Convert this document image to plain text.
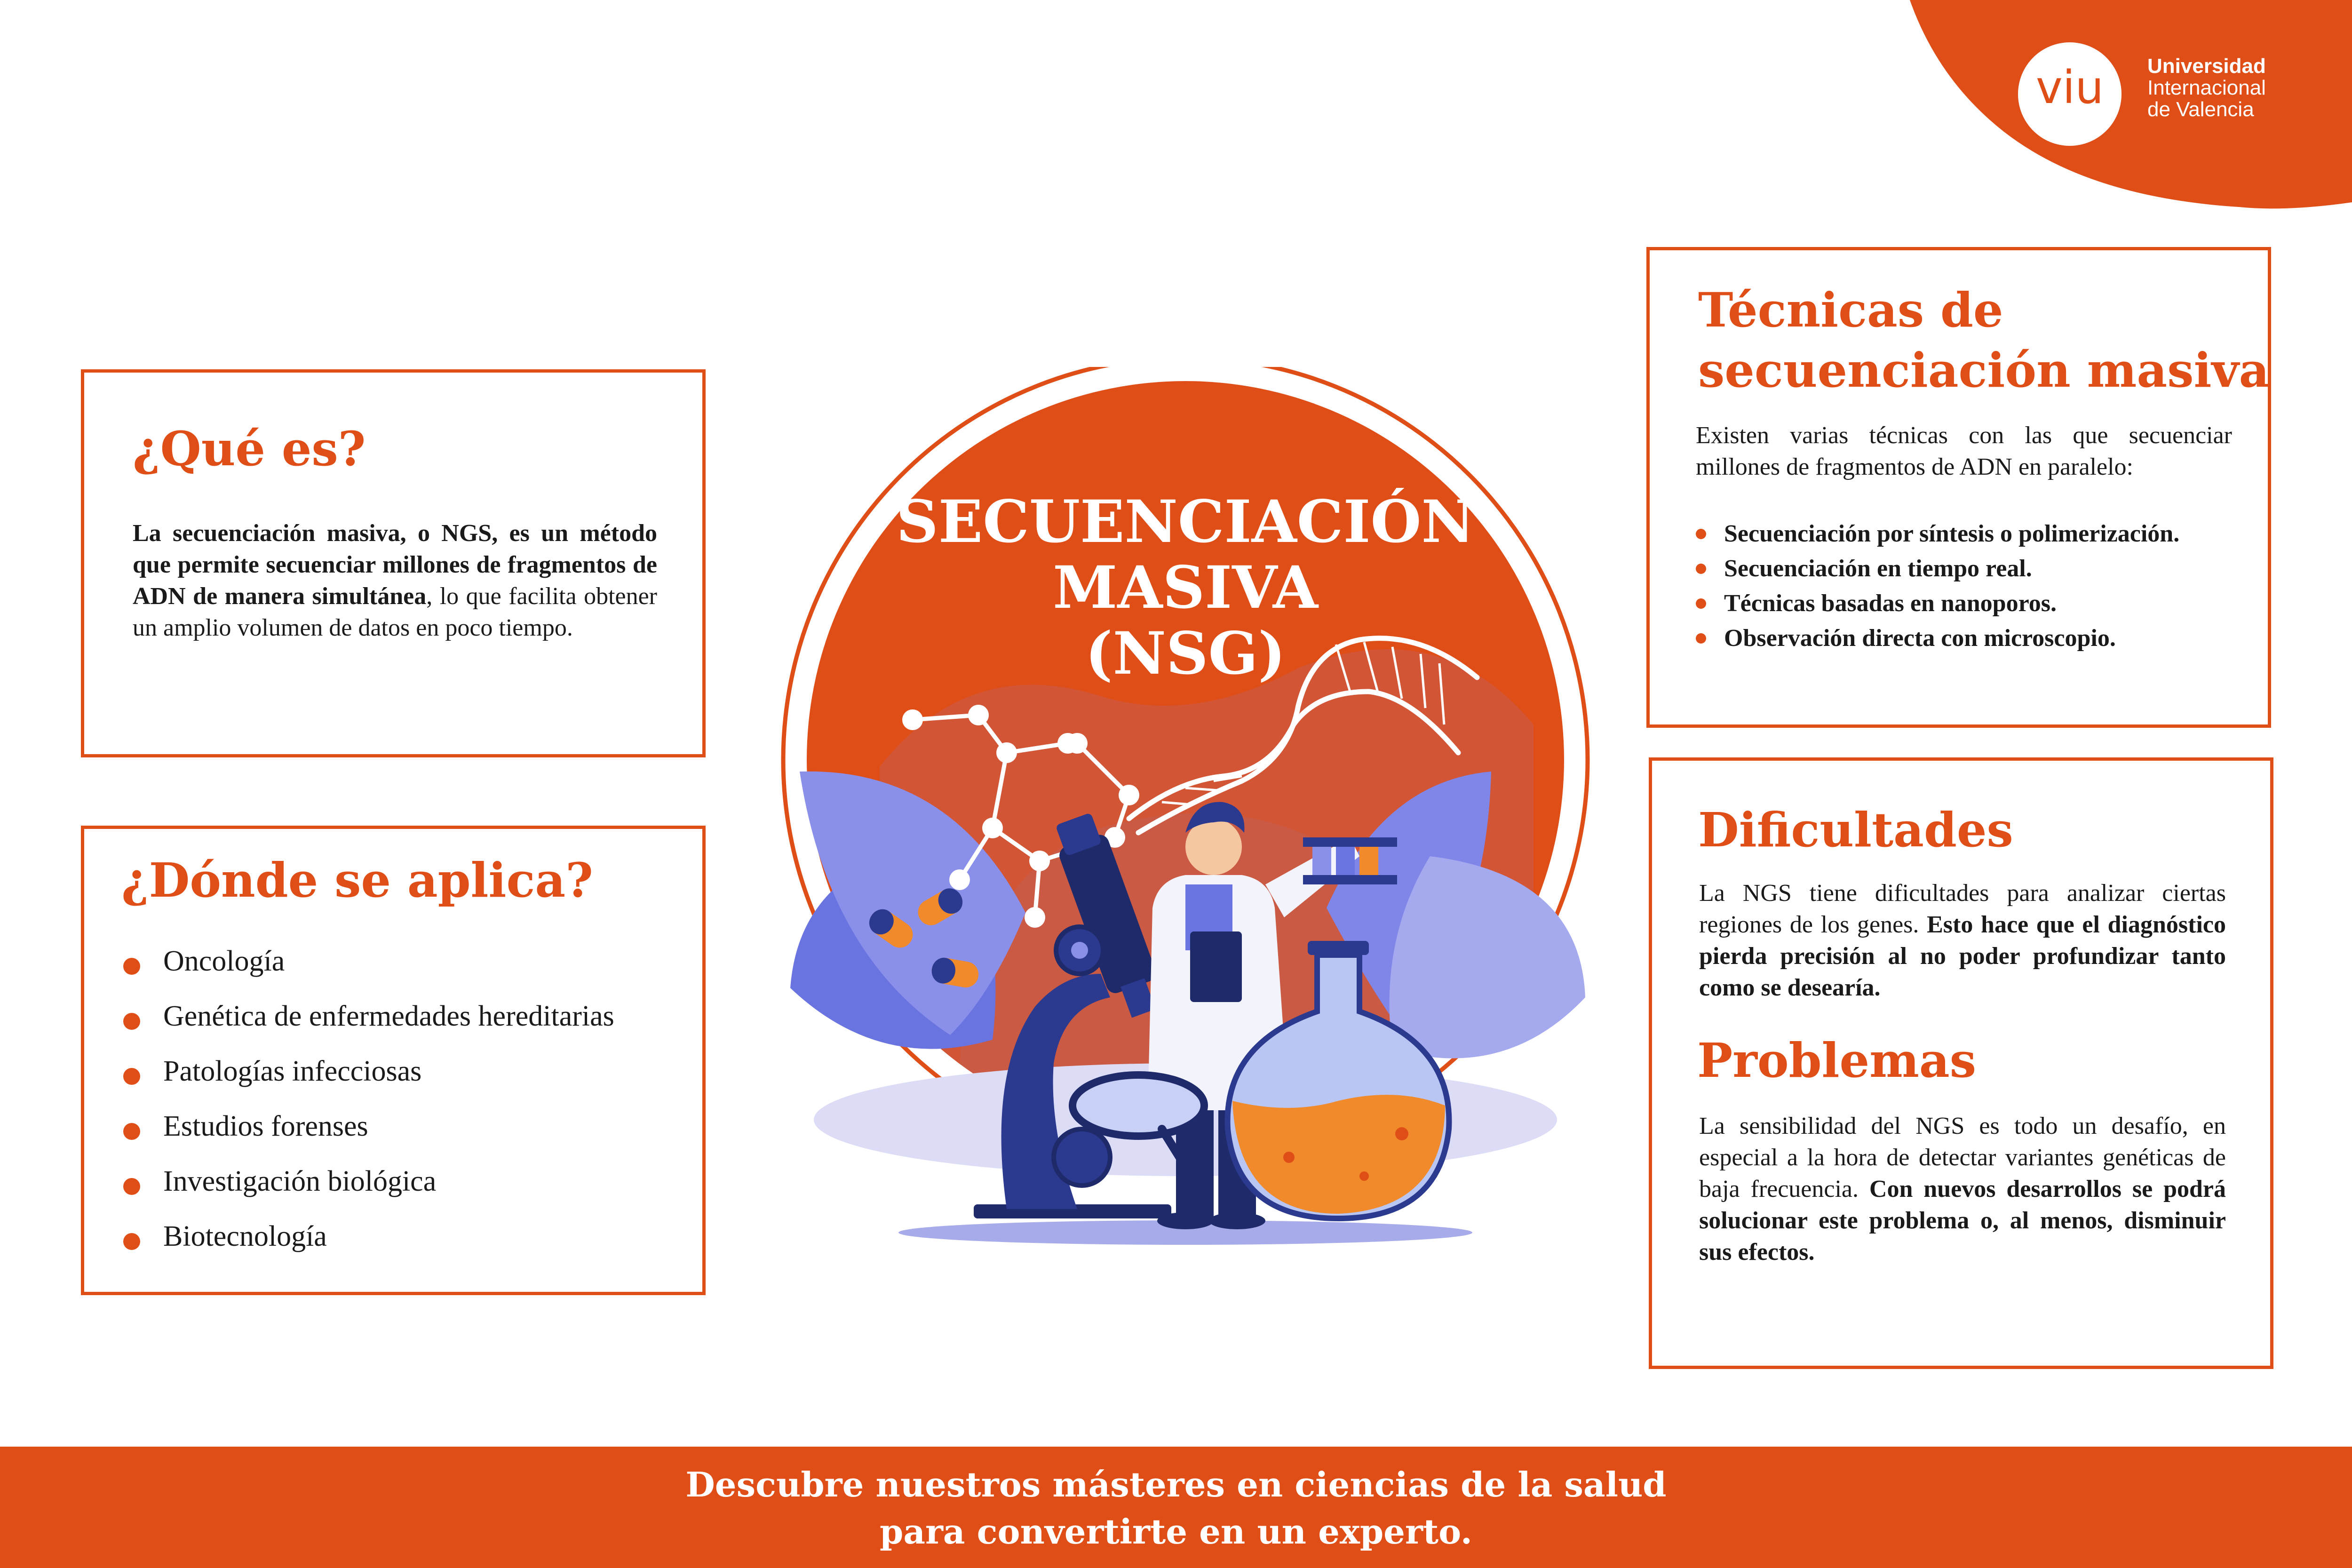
viu	Universidad
Internacional
de Valencia
¿Qué es?

La secuenciación masiva, o NGS, es un método que permite secuenciar millones de fragmentos de ADN de manera simultánea, lo que facilita obtener un amplio volumen de datos en poco tiempo.

¿Dónde se aplica?
Oncología
Genética de enfermedades hereditarias
Patologías infecciosas
Estudios forenses
Investigación biológica
Biotecnología
SECUENCIACIÓN
MASIVA
(NSG)
Técnicas de
secuenciación masiva

Existen varias técnicas con las que secuenciar millones de fragmentos de ADN en paralelo:

Secuenciación por síntesis o polimerización.
Secuenciación en tiempo real.
Técnicas basadas en nanoporos.
Observación directa con microscopio.
Dificultades

La NGS tiene dificultades para analizar ciertas regiones de los genes. Esto hace que el diagnóstico pierda precisión al no poder profundizar tanto como se desearía.

Problemas

La sensibilidad del NGS es todo un desafío, en especial a la hora de detectar variantes genéticas de baja frecuencia. Con nuevos desarrollos se podrá solucionar este problema o, al menos, disminuir sus efectos.

Descubre nuestros másteres en ciencias de la salud

para convertirte en un experto.
